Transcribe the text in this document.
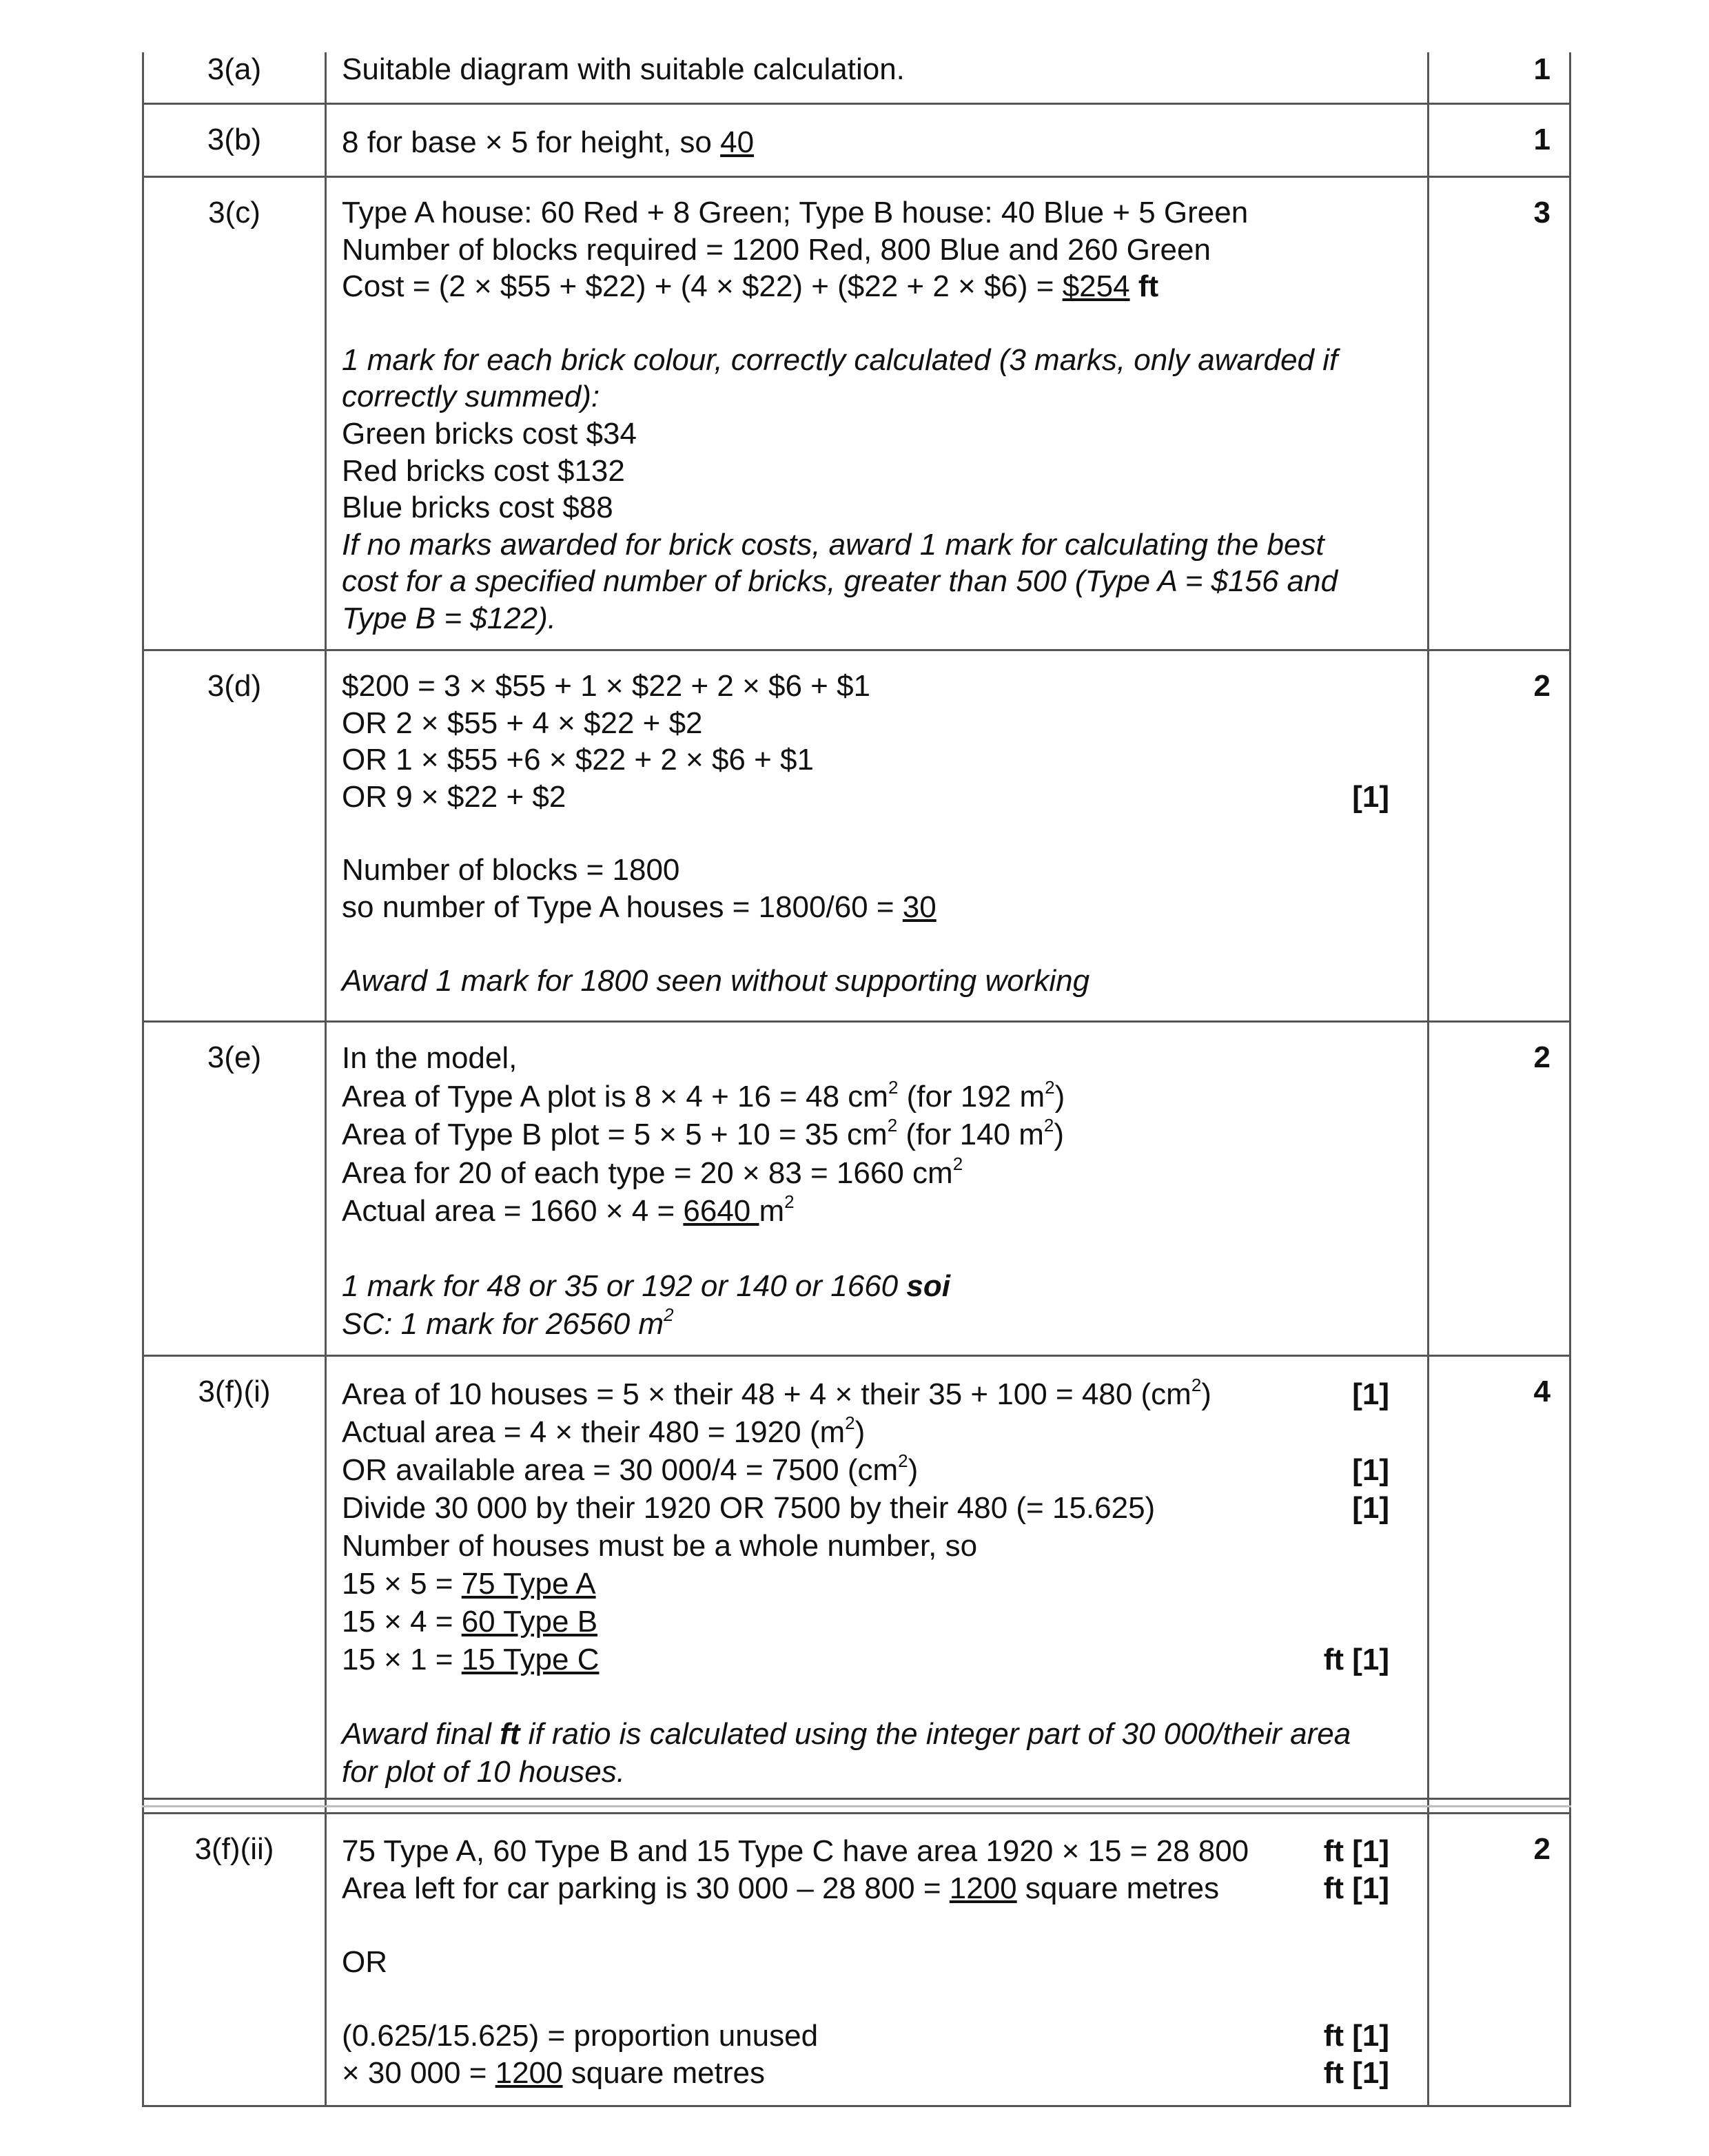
3(a)	1
Suitable diagram with suitable calculation.
3(b)	1
8 for base × 5 for height, so 40
3(c)	3
Type A house: 60 Red + 8 Green; Type B house: 40 Blue + 5 Green
Number of blocks required = 1200 Red, 800 Blue and 260 Green
Cost = (2 × $55 + $22) + (4 × $22) + ($22 + 2 × $6) = $254 ft
1 mark for each brick colour, correctly calculated (3 marks, only awarded if
correctly summed):
Green bricks cost $34
Red bricks cost $132
Blue bricks cost $88
If no marks awarded for brick costs, award 1 mark for calculating the best
cost for a specified number of bricks, greater than 500 (Type A = $156 and
Type B = $122).
3(d)	2
$200 = 3 × $55 + 1 × $22 + 2 × $6 + $1
OR 2 × $55 + 4 × $22 + $2
OR 1 × $55 +6 × $22 + 2 × $6 + $1
OR 9 × $22 + $2	[1]
Number of blocks = 1800
so number of Type A houses = 1800/60 = 30
Award 1 mark for 1800 seen without supporting working
3(e)	2
In the model,
Area of Type A plot is 8 × 4 + 16 = 48 $cm^2$ (for 192 $m^2$)
Area of Type B plot = 5 × 5 + 10 = 35 $cm^2$ (for 140 $m^2$)
Area for 20 of each type = 20 × 83 = 1660 $cm^2$
Actual area = 1660 × 4 = 6640 $m^2$
1 mark for 48 or 35 or 192 or 140 or 1660 soi
SC: 1 mark for 26560 $m^2$
3(f)(i)	4
Area of 10 houses = 5 × their 48 + 4 × their 35 + 100 = 480 $(cm^2)$	[1]
Actual area = 4 × their 480 = 1920 $(m^2)$
OR available area = 30 000/4 = 7500 $(cm^2)$	[1]
Divide 30 000 by their 1920 OR 7500 by their 480 (= 15.625)	[1]
Number of houses must be a whole number, so
15 × 5 = 75 Type A
15 × 4 = 60 Type B
15 × 1 = 15 Type C	ft [1]
Award final ft if ratio is calculated using the integer part of 30 000/their area
for plot of 10 houses.
3(f)(ii)	2
75 Type A, 60 Type B and 15 Type C have area 1920 × 15 = 28 800 ft [1]
Area left for car parking is 30 000 – 28 800 = 1200 square metres	ft [1]
OR
(0.625/15.625) = proportion unused	ft [1]
× 30 000 = 1200 square metres	ft [1]
